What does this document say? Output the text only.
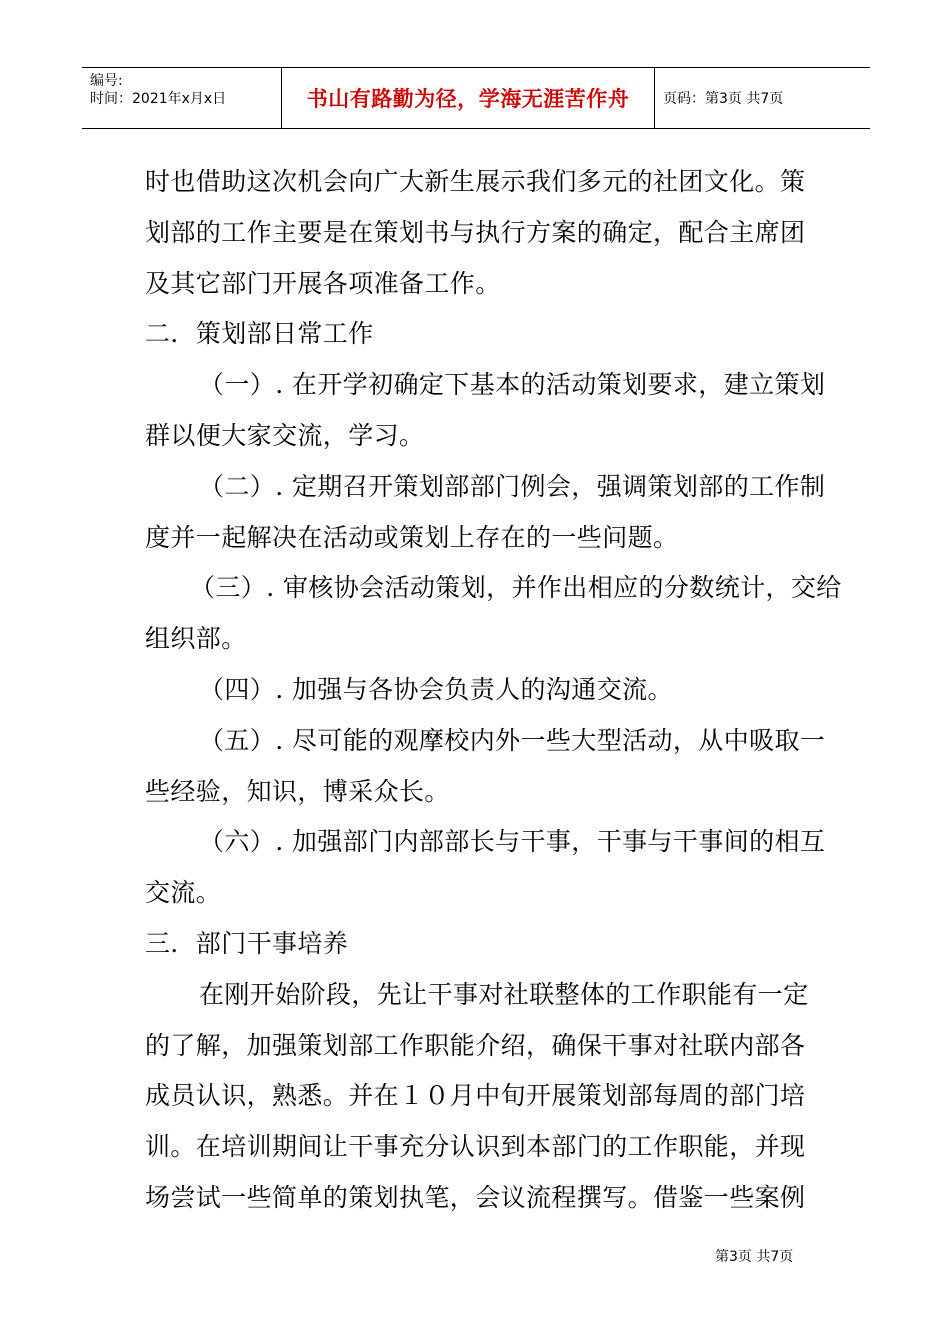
编号:
时间：2021年x月x日	书山有路勤为径，学海无涯苦作舟 页码：第3页 共7页

时也借助这次机会向广大新生展示我们多元的社团文化。策

划部的工作主要是在策划书与执行方案的确定，配合主席团

及其它部门开展各项准备工作。

二．策划部日常工作

（一）. 在开学初确定下基本的活动策划要求，建立策划

群以便大家交流，学习。

（二）. 定期召开策划部部门例会，强调策划部的工作制

度并一起解决在活动或策划上存在的一些问题。

（三）. 审核协会活动策划，并作出相应的分数统计，交给

组织部。

（四）. 加强与各协会负责人的沟通交流。

（五）. 尽可能的观摩校内外一些大型活动，从中吸取一

些经验，知识，博采众长。

（六）. 加强部门内部部长与干事，干事与干事间的相互

交流。

三．部门干事培养

在刚开始阶段，先让干事对社联整体的工作职能有一定

的了解，加强策划部工作职能介绍，确保干事对社联内部各

成员认识，熟悉。并在１０月中旬开展策划部每周的部门培

训。在培训期间让干事充分认识到本部门的工作职能，并现

场尝试一些简单的策划执笔，会议流程撰写。借鉴一些案例

第3页 共7页
